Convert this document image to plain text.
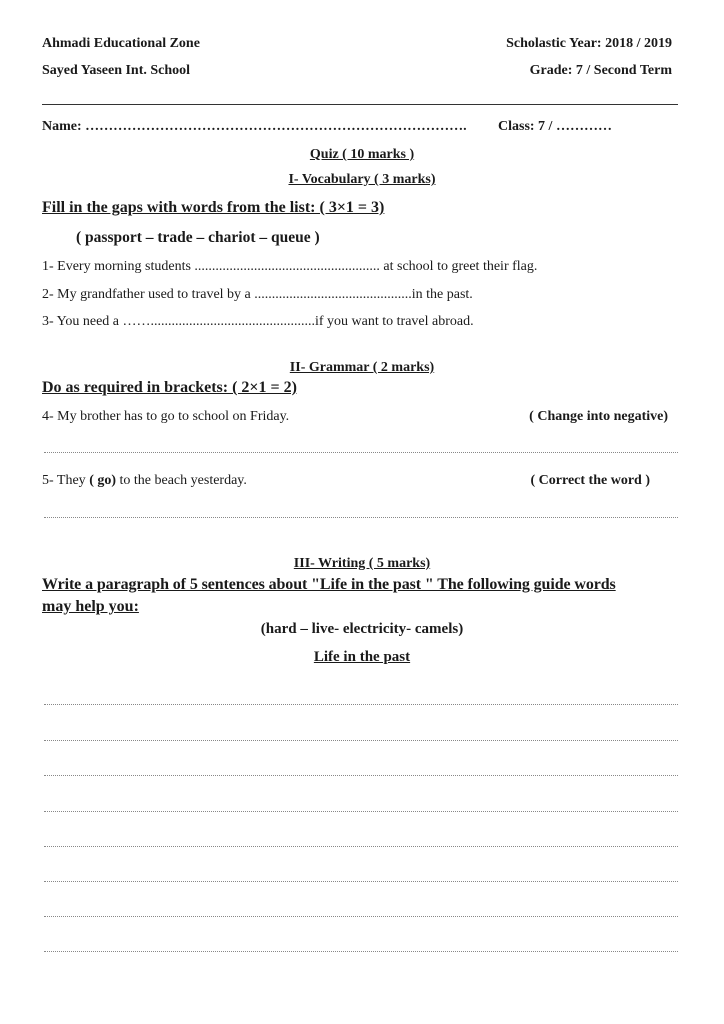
Ahmadi Educational Zone
Sayed Yaseen Int. School
Scholastic Year: 2018 / 2019
Grade: 7 / Second Term
Name: ………………………………………………………………………. Class: 7 / …………
Quiz ( 10 marks )
I- Vocabulary ( 3 marks)
Fill in the gaps with words from the list: ( 3×1 = 3)
( passport – trade – chariot – queue )
1- Every morning students ..................................................... at school to greet their flag.
2- My grandfather used to travel by a .............................................in the past.
3- You need a ……...............................................if you want to travel abroad.
II- Grammar ( 2 marks)
Do as required in brackets: ( 2×1 = 2)
4- My brother has to go to school on Friday.	( Change into negative)
5- They ( go) to the beach yesterday.	( Correct the word )
III- Writing ( 5 marks)
Write a paragraph of 5 sentences about "Life in the past " The following guide words
may help you:
(hard – live- electricity- camels)
Life in the past
